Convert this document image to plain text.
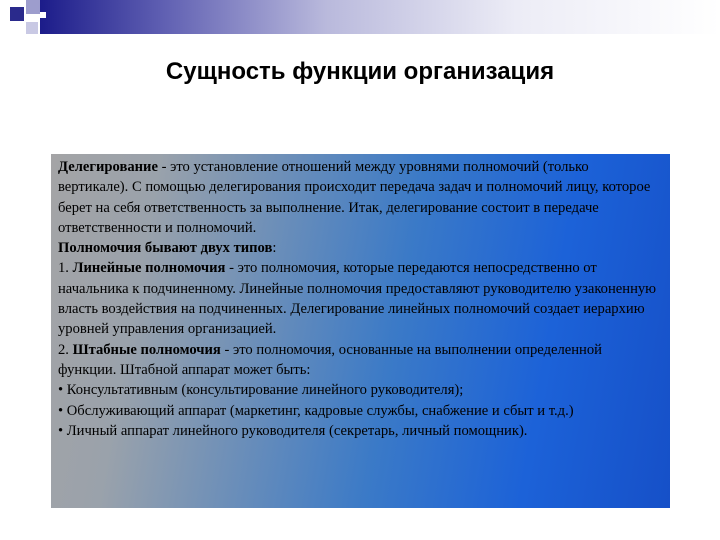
Сущность функции организация

Делегирование - это установление отношений между уровнями полномочий (только вертикале). С помощью делегирования происходит передача задач и полномочий лицу, которое берет на себя ответственность за выполнение. Итак, делегирование состоит в передаче ответственности и полномочий.

Полномочия бывают двух типов:

1. Линейные полномочия - это полномочия, которые передаются непосредственно от начальника к подчиненному. Линейные полномочия предоставляют руководителю узаконенную власть воздействия на подчиненных. Делегирование линейных полномочий создает иерархию уровней управления организацией.

2. Штабные полномочия - это полномочия, основанные на выполнении определенной функции. Штабной аппарат может быть:

• Консультативным (консультирование линейного руководителя);

• Обслуживающий аппарат (маркетинг, кадровые службы, снабжение и сбыт и т.д.)

• Личный аппарат линейного руководителя (секретарь, личный помощник).
